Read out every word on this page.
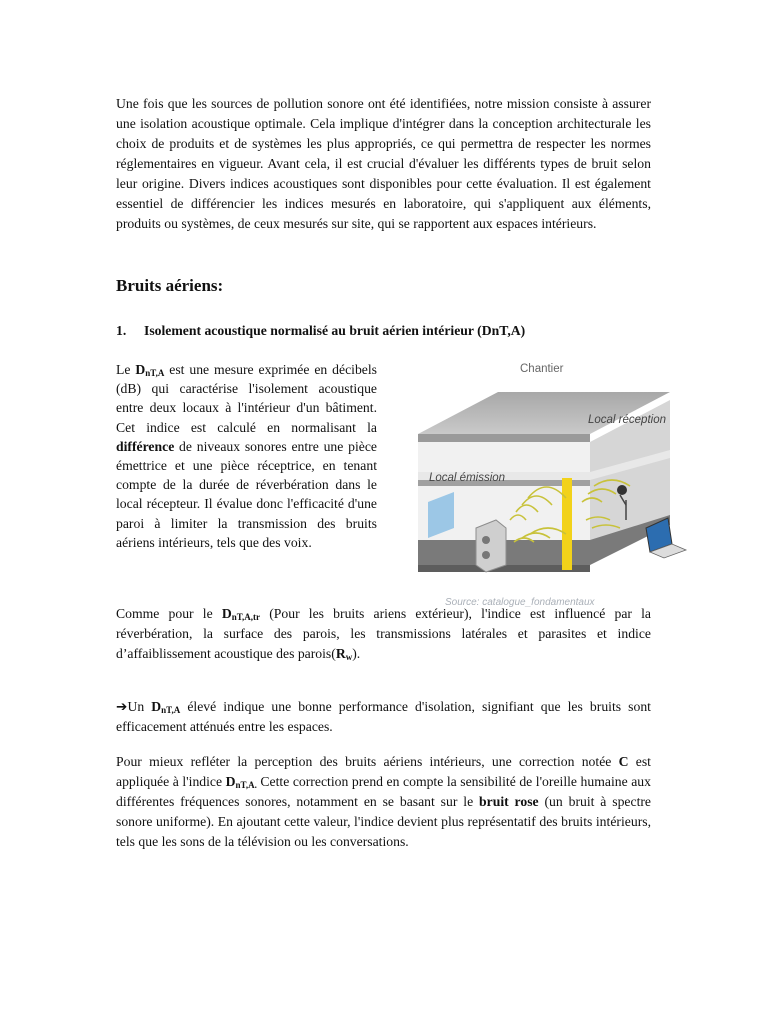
Une fois que les sources de pollution sonore ont été identifiées, notre mission consiste à assurer une isolation acoustique optimale. Cela implique d'intégrer dans la conception architecturale les choix de produits et de systèmes les plus appropriés, ce qui permettra de respecter les normes réglementaires en vigueur. Avant cela, il est crucial d'évaluer les différents types de bruit selon leur origine. Divers indices acoustiques sont disponibles pour cette évaluation. Il est également essentiel de différencier les indices mesurés en laboratoire, qui s'appliquent aux éléments, produits ou systèmes, de ceux mesurés sur site, qui se rapportent aux espaces intérieurs.

Bruits aériens:
1. Isolement acoustique normalisé au bruit aérien intérieur (DnT,A)

Le $D_{nT,A}$ est une mesure exprimée en décibels (dB) qui caractérise l'isolement acoustique entre deux locaux à l'intérieur d'un bâtiment. Cet indice est calculé en normalisant la différence de niveaux sonores entre une pièce émettrice et une pièce réceptrice, en tenant compte de la durée de réverbération dans le local récepteur. Il évalue donc l'efficacité d'une paroi à limiter la transmission des bruits aériens intérieurs, tels que des voix.

Chantier
Local réception
Local émission
Source: catalogue_fondamentaux

Comme pour le $D_{nT,A,tr}$ (Pour les bruits ariens extérieur), l'indice est influencé par la réverbération, la surface des parois, les transmissions latérales et parasites et indice d’affaiblissement acoustique des $parois(R_w)$.

➔Un $D_{nT,A}$ élevé indique une bonne performance d'isolation, signifiant que les bruits sont efficacement atténués entre les espaces.

Pour mieux refléter la perception des bruits aériens intérieurs, une correction notée C est appliquée à l'indice $D_{nT,A.}$ Cette correction prend en compte la sensibilité de l'oreille humaine aux différentes fréquences sonores, notamment en se basant sur le bruit rose (un bruit à spectre sonore uniforme). En ajoutant cette valeur, l'indice devient plus représentatif des bruits intérieurs, tels que les sons de la télévision ou les conversations.
